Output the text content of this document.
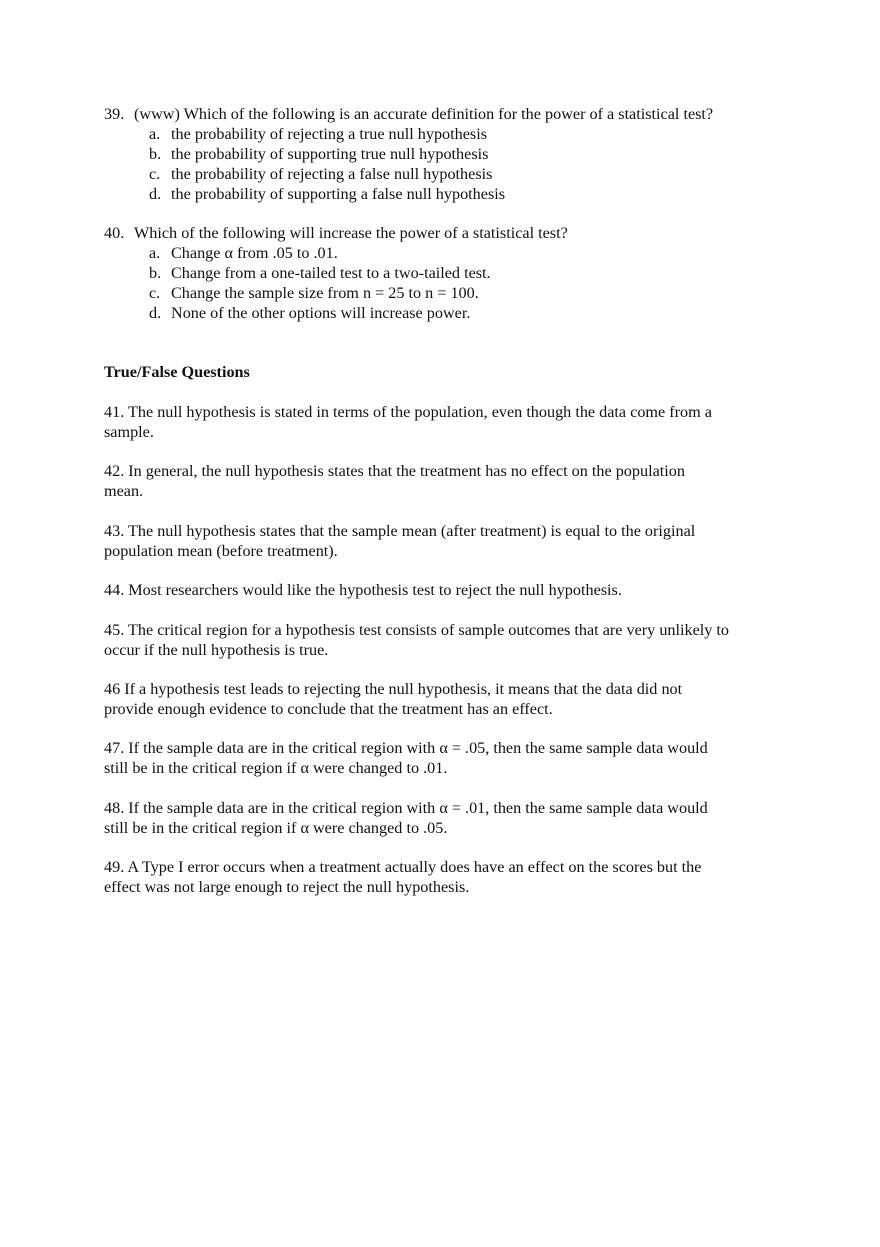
39. (www) Which of the following is an accurate definition for the power of a statistical test?
a. the probability of rejecting a true null hypothesis
b. the probability of supporting true null hypothesis
c. the probability of rejecting a false null hypothesis
d. the probability of supporting a false null hypothesis
40. Which of the following will increase the power of a statistical test?
a. Change α from .05 to .01.
b. Change from a one-tailed test to a two-tailed test.
c. Change the sample size from n = 25 to n = 100.
d. None of the other options will increase power.
True/False Questions
41. The null hypothesis is stated in terms of the population, even though the data come from a
sample.
42. In general, the null hypothesis states that the treatment has no effect on the population
mean.
43. The null hypothesis states that the sample mean (after treatment) is equal to the original
population mean (before treatment).
44. Most researchers would like the hypothesis test to reject the null hypothesis.
45. The critical region for a hypothesis test consists of sample outcomes that are very unlikely to
occur if the null hypothesis is true.
46 If a hypothesis test leads to rejecting the null hypothesis, it means that the data did not
provide enough evidence to conclude that the treatment has an effect.
47. If the sample data are in the critical region with α = .05, then the same sample data would
still be in the critical region if α were changed to .01.
48. If the sample data are in the critical region with α = .01, then the same sample data would
still be in the critical region if α were changed to .05.
49. A Type I error occurs when a treatment actually does have an effect on the scores but the
effect was not large enough to reject the null hypothesis.
